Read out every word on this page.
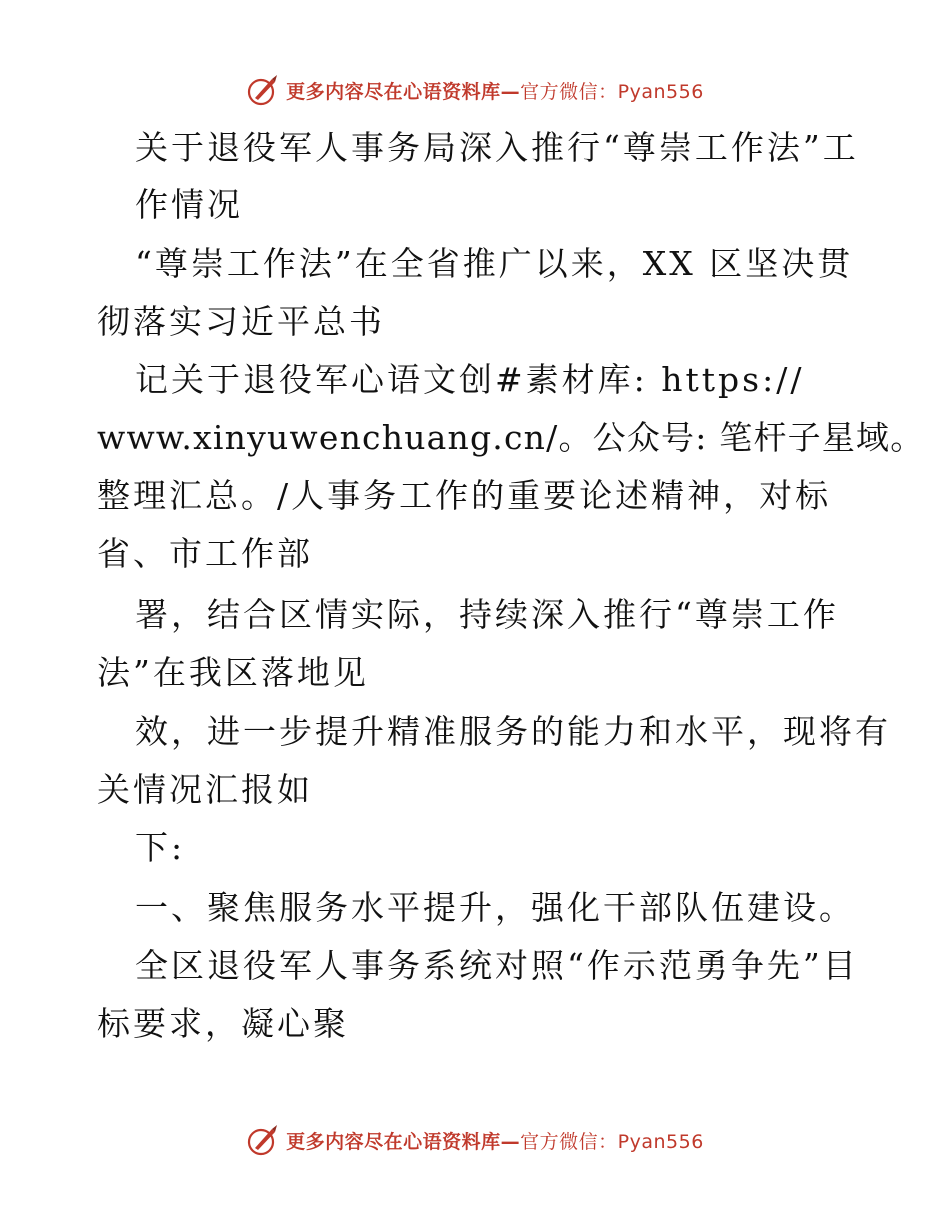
更多内容尽在心语资料库—官方微信：Pyan556
关于退役军人事务局深入推行“尊崇工作法”工
作情况
“尊崇工作法”在全省推广以来，XX 区坚决贯
彻落实习近平总书
记关于退役军心语文创#素材库: https://
www.xinyuwenchuang.cn/。公众号: 笔杆子星域。
整理汇总。/人事务工作的重要论述精神，对标
省、市工作部
署，结合区情实际，持续深入推行“尊崇工作
法”在我区落地见
效，进一步提升精准服务的能力和水平，现将有
关情况汇报如
下:
一、聚焦服务水平提升，强化干部队伍建设。
全区退役军人事务系统对照“作示范勇争先”目
标要求，凝心聚
更多内容尽在心语资料库—官方微信：Pyan556
